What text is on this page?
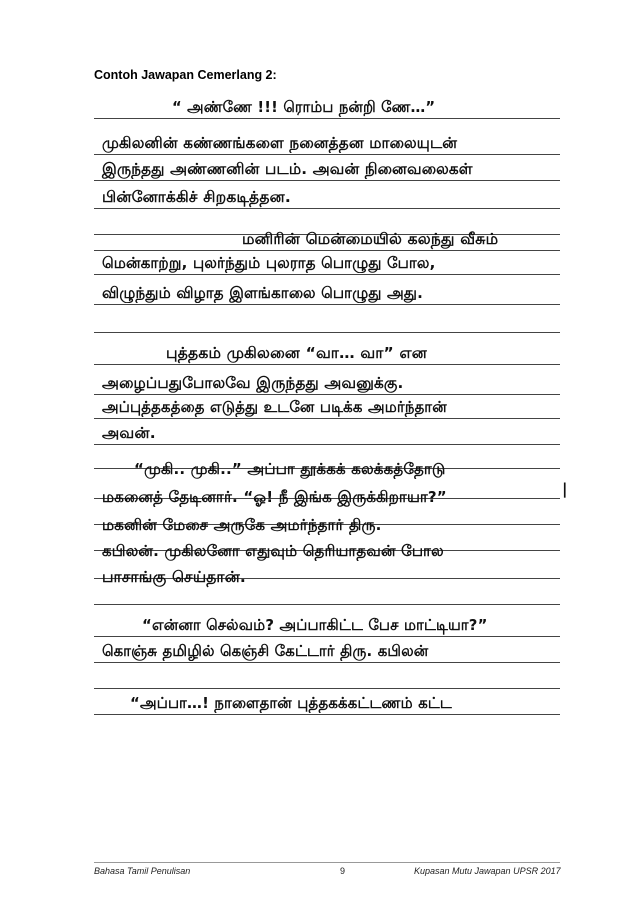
Contoh Jawapan Cemerlang 2:
“ அண்ணே !!! ரொம்ப நன்றி ணே…”
முகிலனின் கண்ணங்களை நனைத்தன மாலையுடன்
இருந்தது அண்ணனின் படம். அவன் நினைவலைகள்
பின்னோக்கிச் சிறகடித்தன.
மனிரின் மென்மையில் கலந்து வீசும்
மென்காற்று, புலர்ந்தும் புலராத பொழுது போல,
விழுந்தும் விழாத இளங்காலை பொழுது அது.
புத்தகம் முகிலனை “வா… வா” என
அழைப்பதுபோலவே இருந்தது அவனுக்கு.
அப்புத்தகத்தை எடுத்து உடனே படிக்க அமர்ந்தான்
அவன்.
“முகி.. முகி..” அப்பா தூக்கக் கலக்கத்தோடு
மகனைத் தேடினார். “ஓ! நீ இங்க இருக்கிறாயா?”
மகனின் மேசை அருகே அமர்ந்தார் திரு.
கபிலன். முகிலனோ எதுவும் தெரியாதவன் போல
பாசாங்கு செய்தான்.
“என்னா செல்வம்? அப்பாகிட்ட பேச மாட்டியா?”
கொஞ்சு தமிழில் கெஞ்சி கேட்டார் திரு. கபிலன்
“அப்பா…! நாளைதான் புத்தகக்கட்டணம் கட்ட
|
Bahasa Tamil Penulisan	9	Kupasan Mutu Jawapan UPSR 2017
